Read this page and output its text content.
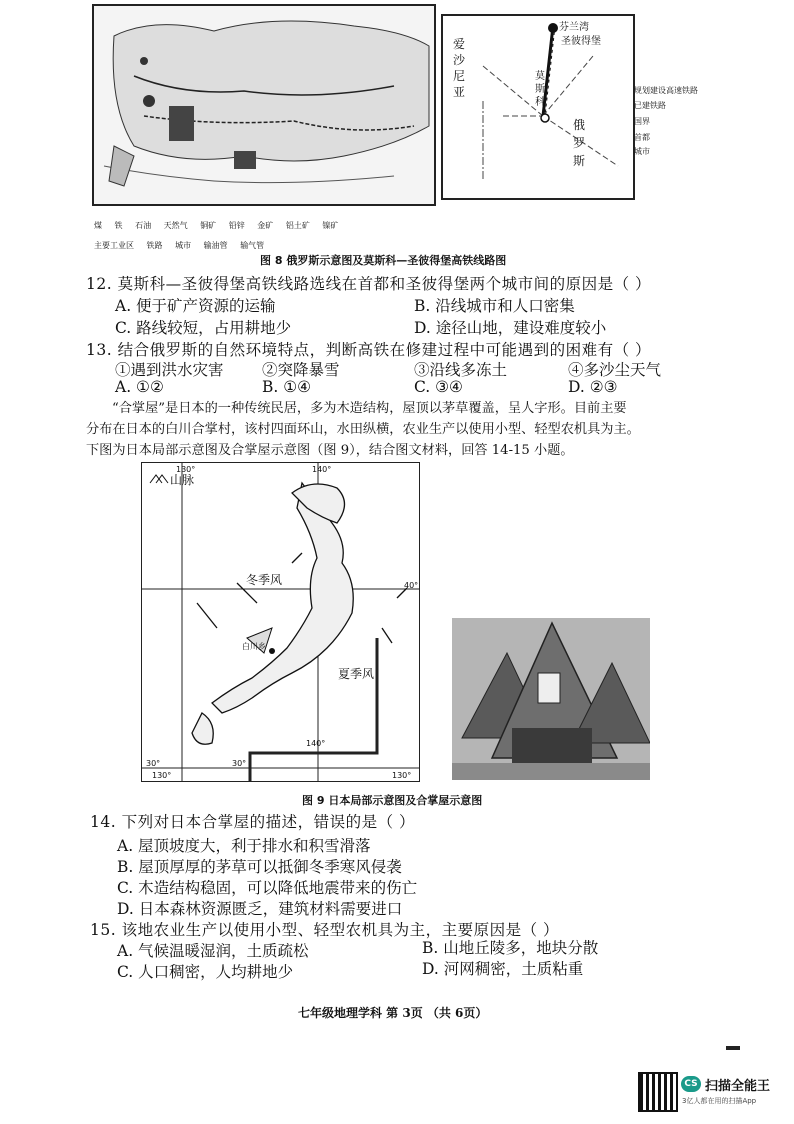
芬兰湾
圣彼得堡
爱沙尼亚
莫斯科
俄罗斯
规划建设高速铁路
已建铁路
国界
首都
城市
煤 铁 石油 天然气 铜矿 铅锌 金矿 铝土矿 镍矿
主要工业区 铁路 城市 输油管 输气管
图 8 俄罗斯示意图及莫斯科—圣彼得堡高铁线路图
12. 莫斯科—圣彼得堡高铁线路选线在首都和圣彼得堡两个城市间的原因是（ ）
A. 便于矿产资源的运输	B. 沿线城市和人口密集
C. 路线较短，占用耕地少	D. 途径山地，建设难度较小
13. 结合俄罗斯的自然环境特点，判断高铁在修建过程中可能遇到的困难有（ ）
①遇到洪水灾害 ②突降暴雪	③沿线多冻土	④多沙尘天气
A. ①②	B. ①④	C. ③④	D. ②③
“合掌屋”是日本的一种传统民居，多为木造结构，屋顶以茅草覆盖，呈人字形。目前主要
分布在日本的白川合掌村，该村四面环山，水田纵横，农业生产以使用小型、轻型农机具为主。
下图为日本局部示意图及合掌屋示意图（图 9），结合图文材料，回答 14-15 小题。
山脉
冬季风
夏季风
白川乡
130°	140°
40°
30°	30°
130°
140°
130°
图 9 日本局部示意图及合掌屋示意图
14. 下列对日本合掌屋的描述，错误的是（ ）
A. 屋顶坡度大，利于排水和积雪滑落
B. 屋顶厚厚的茅草可以抵御冬季寒风侵袭
C. 木造结构稳固，可以降低地震带来的伤亡
D. 日本森林资源匮乏，建筑材料需要进口
15. 该地农业生产以使用小型、轻型农机具为主，主要原因是（ ）
A. 气候温暖湿润，土质疏松	B. 山地丘陵多，地块分散
C. 人口稠密，人均耕地少	D. 河网稠密，土质粘重
七年级地理学科 第 3页 （共 6页）
CS 扫描全能王
3亿人都在用的扫描App
